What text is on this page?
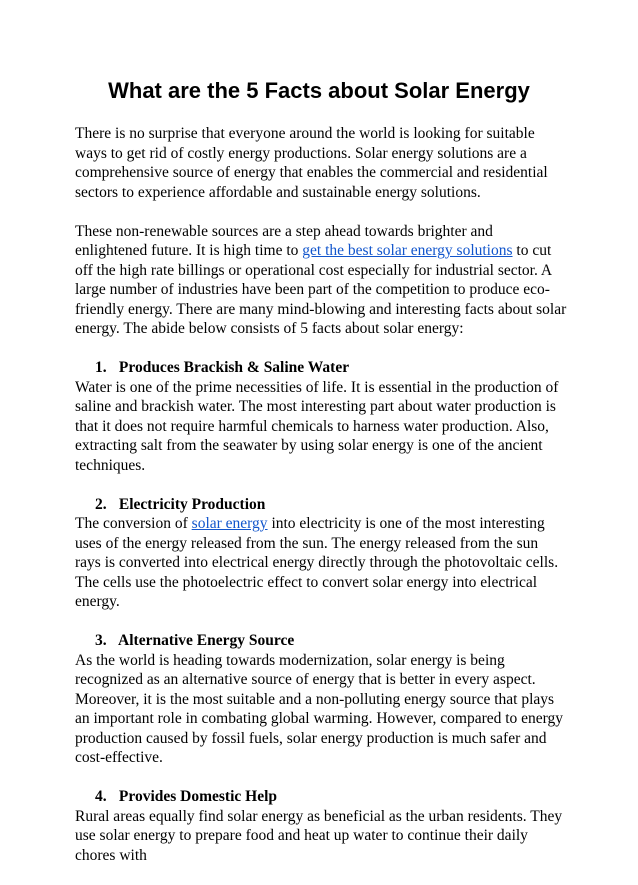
What are the 5 Facts about Solar Energy

There is no surprise that everyone around the world is looking for suitable ways to get rid of costly energy productions. Solar energy solutions are a comprehensive source of energy that enables the commercial and residential sectors to experience affordable and sustainable energy solutions.

These non-renewable sources are a step ahead towards brighter and enlightened future. It is high time to get the best solar energy solutions to cut off the high rate billings or operational cost especially for industrial sector. A large number of industries have been part of the competition to produce eco-friendly energy. There are many mind-blowing and interesting facts about solar energy. The abide below consists of 5 facts about solar energy:

1. Produces Brackish & Saline Water

Water is one of the prime necessities of life. It is essential in the production of saline and brackish water. The most interesting part about water production is that it does not require harmful chemicals to harness water production. Also, extracting salt from the seawater by using solar energy is one of the ancient techniques.

2. Electricity Production

The conversion of solar energy into electricity is one of the most interesting uses of the energy released from the sun. The energy released from the sun rays is converted into electrical energy directly through the photovoltaic cells. The cells use the photoelectric effect to convert solar energy into electrical energy.

3. Alternative Energy Source

As the world is heading towards modernization, solar energy is being recognized as an alternative source of energy that is better in every aspect. Moreover, it is the most suitable and a non-polluting energy source that plays an important role in combating global warming. However, compared to energy production caused by fossil fuels, solar energy production is much safer and cost-effective.

4. Provides Domestic Help

Rural areas equally find solar energy as beneficial as the urban residents. They use solar energy to prepare food and heat up water to continue their daily chores with
